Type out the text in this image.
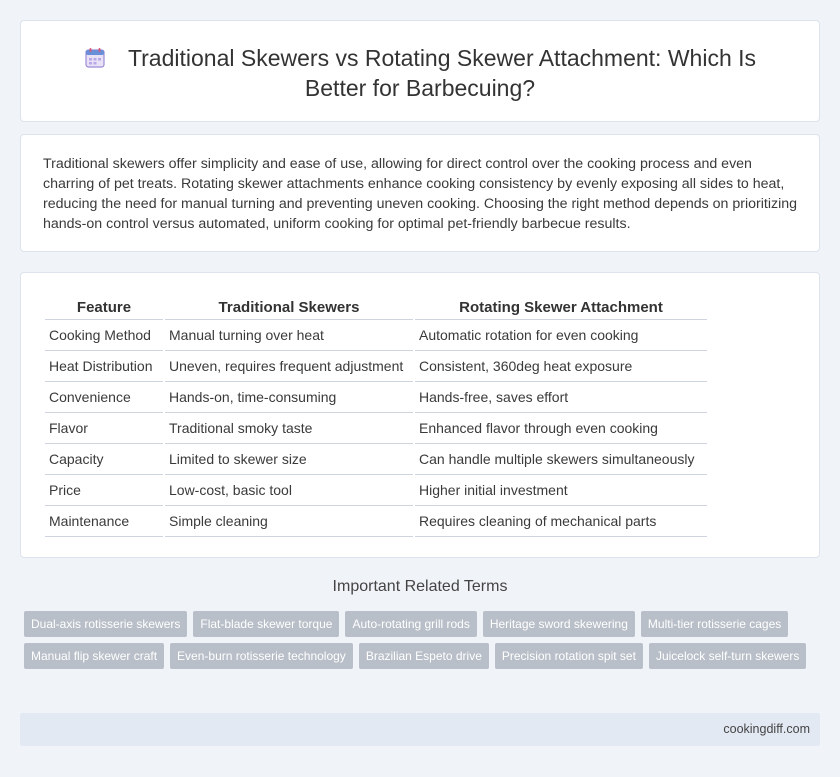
Traditional Skewers vs Rotating Skewer Attachment: Which Is Better for Barbecuing?

Traditional skewers offer simplicity and ease of use, allowing for direct control over the cooking process and even charring of pet treats. Rotating skewer attachments enhance cooking consistency by evenly exposing all sides to heat, reducing the need for manual turning and preventing uneven cooking. Choosing the right method depends on prioritizing hands-on control versus automated, uniform cooking for optimal pet-friendly barbecue results.

Feature	Traditional Skewers	Rotating Skewer Attachment
Cooking Method	Manual turning over heat	Automatic rotation for even cooking
Heat Distribution	Uneven, requires frequent adjustment	Consistent, 360deg heat exposure
Convenience	Hands-on, time-consuming	Hands-free, saves effort
Flavor	Traditional smoky taste	Enhanced flavor through even cooking
Capacity	Limited to skewer size	Can handle multiple skewers simultaneously
Price	Low-cost, basic tool	Higher initial investment
Maintenance	Simple cleaning	Requires cleaning of mechanical parts
Important Related Terms
Dual-axis rotisserie skewers	Flat-blade skewer torque	Auto-rotating grill rods	Heritage sword skewering	Multi-tier rotisserie cages
Manual flip skewer craft	Even-burn rotisserie technology	Brazilian Espeto drive	Precision rotation spit set	Juicelock self-turn skewers
cookingdiff.com
